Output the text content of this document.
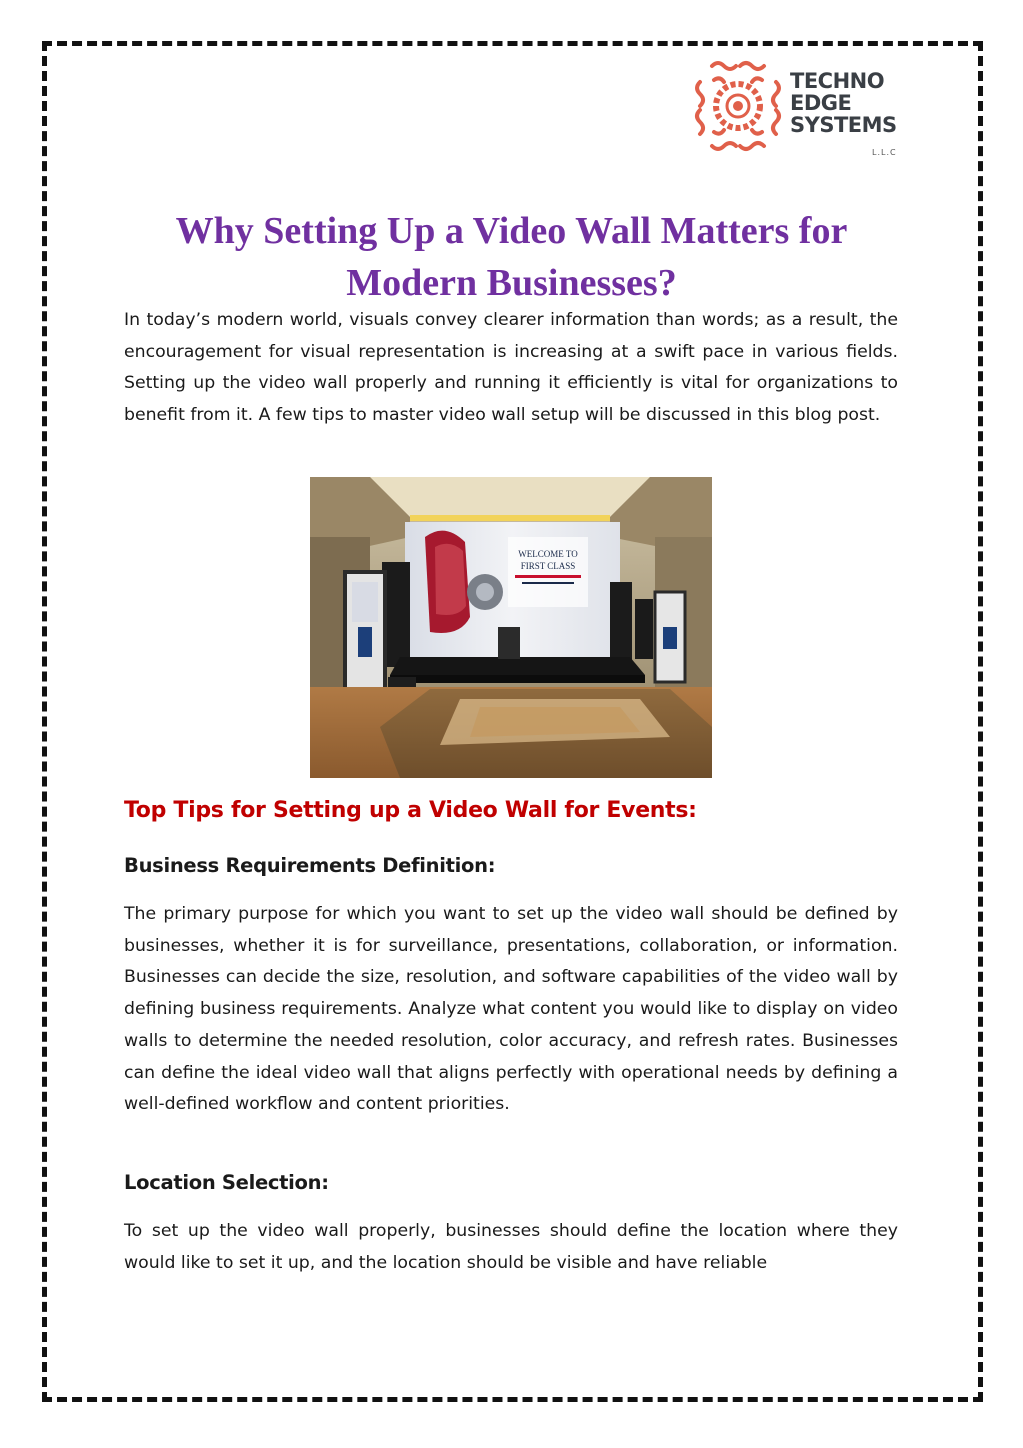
TECHNO
EDGE
SYSTEMS
L.L.C
Why Setting Up a Video Wall Matters for Modern Businesses?

In today’s modern world, visuals convey clearer information than words; as a result, the encouragement for visual representation is increasing at a swift pace in various fields. Setting up the video wall properly and running it efficiently is vital for organizations to benefit from it. A few tips to master video wall setup will be discussed in this blog post.

WELCOME TO
FIRST CLASS
Top Tips for Setting up a Video Wall for Events:
Business Requirements Definition:

The primary purpose for which you want to set up the video wall should be defined by businesses, whether it is for surveillance, presentations, collaboration, or information. Businesses can decide the size, resolution, and software capabilities of the video wall by defining business requirements. Analyze what content you would like to display on video walls to determine the needed resolution, color accuracy, and refresh rates. Businesses can define the ideal video wall that aligns perfectly with operational needs by defining a well-defined workflow and content priorities.

Location Selection:

To set up the video wall properly, businesses should define the location where they would like to set it up, and the location should be visible and have reliable
